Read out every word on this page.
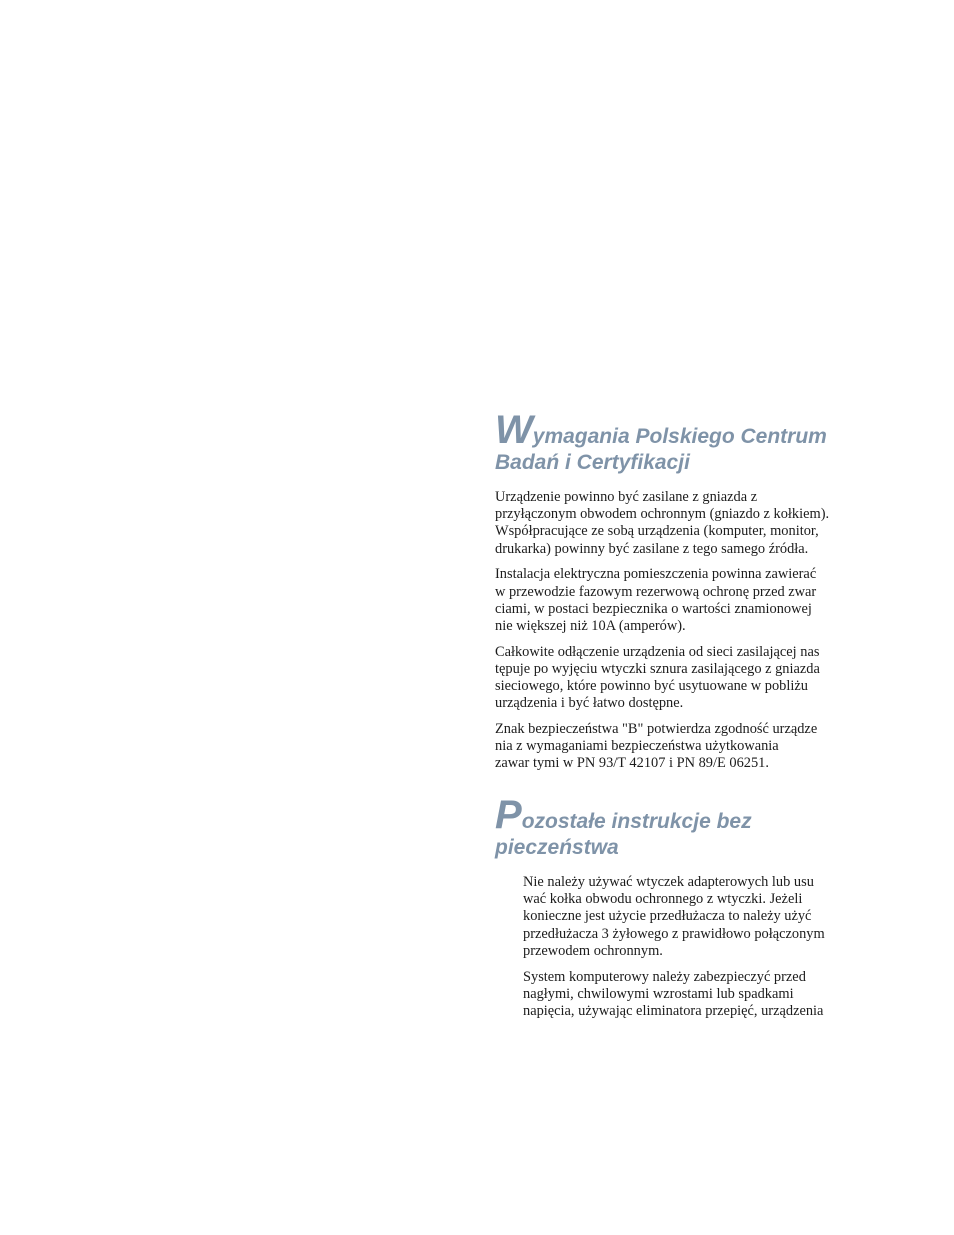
Wymagania Polskiego Centrum
Badań i Certyfikacji

Urządzenie powinno być zasilane z gniazda z
przyłączonym obwodem ochronnym (gniazdo z kołkiem).
Współpracujące ze sobą urządzenia (komputer, monitor,
drukarka) powinny być zasilane z tego samego źródła.

Instalacja elektryczna pomieszczenia powinna zawierać
w przewodzie fazowym rezerwową ochronę przed zwar
ciami, w postaci bezpiecznika o wartości znamionowej
nie większej niż 10A (amperów).

Całkowite odłączenie urządzenia od sieci zasilającej nas
tępuje po wyjęciu wtyczki sznura zasilającego z gniazda
sieciowego, które powinno być usytuowane w pobliżu
urządzenia i być łatwo dostępne.

Znak bezpieczeństwa "B" potwierdza zgodność urządze
nia z wymaganiami bezpieczeństwa użytkowania
zawar tymi w PN 93/T 42107 i PN 89/E 06251.

Pozostałe instrukcje bez
pieczeństwa

Nie należy używać wtyczek adapterowych lub usu
wać kołka obwodu ochronnego z wtyczki. Jeżeli
konieczne jest użycie przedłużacza to należy użyć
przedłużacza 3 żyłowego z prawidłowo połączonym
przewodem ochronnym.

System komputerowy należy zabezpieczyć przed
nagłymi, chwilowymi wzrostami lub spadkami
napięcia, używając eliminatora przepięć, urządzenia
